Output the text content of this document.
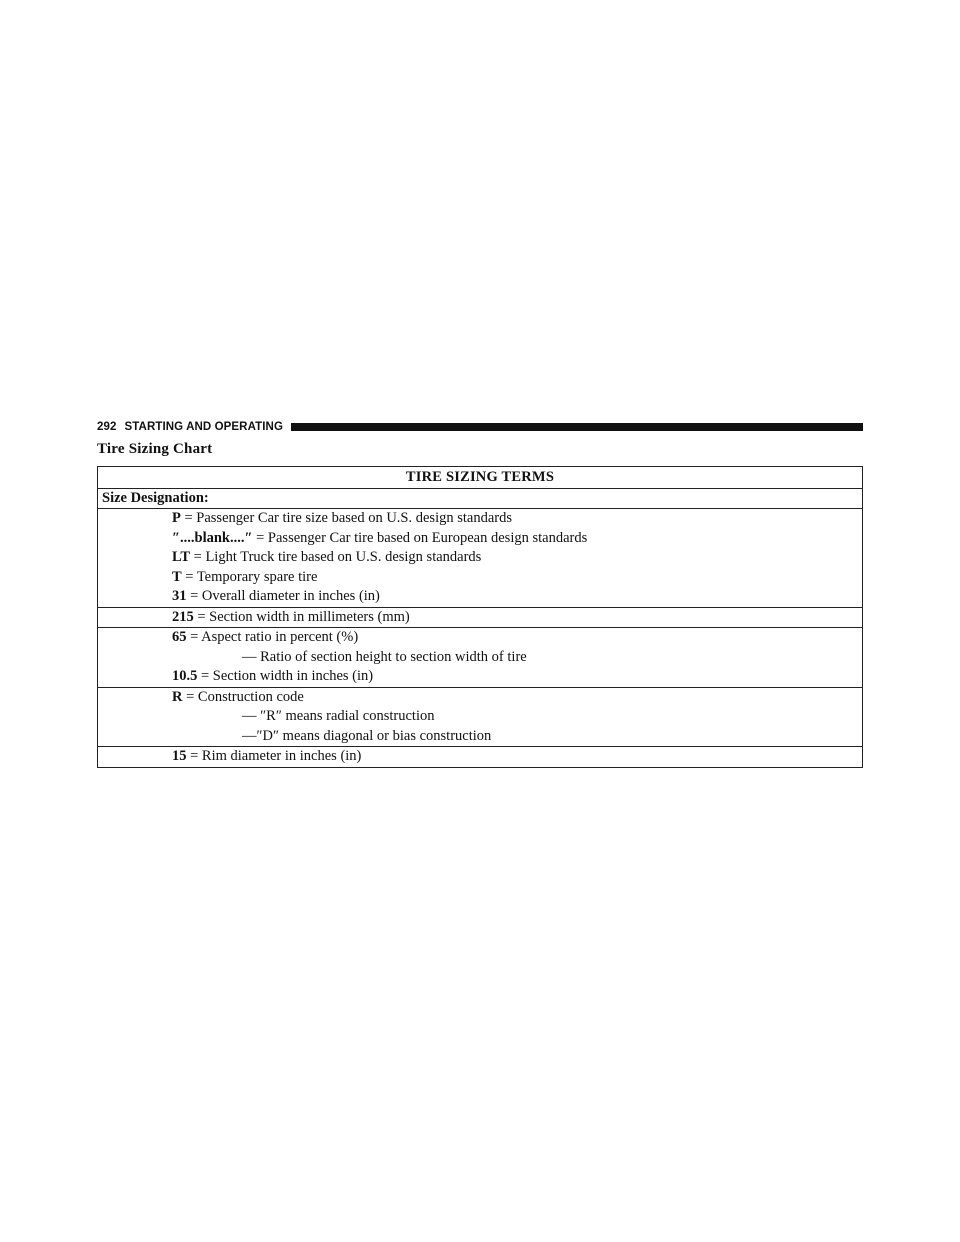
292 STARTING AND OPERATING
Tire Sizing Chart
TIRE SIZING TERMS
Size Designation:

P = Passenger Car tire size based on U.S. design standards
″....blank....″ = Passenger Car tire based on European design standards
LT = Light Truck tire based on U.S. design standards
T = Temporary spare tire
31 = Overall diameter in inches (in)

215 = Section width in millimeters (mm)

65 = Aspect ratio in percent (%)
— Ratio of section height to section width of tire
10.5 = Section width in inches (in)

R = Construction code
— ″R″ means radial construction
—″D″ means diagonal or bias construction

15 = Rim diameter in inches (in)
